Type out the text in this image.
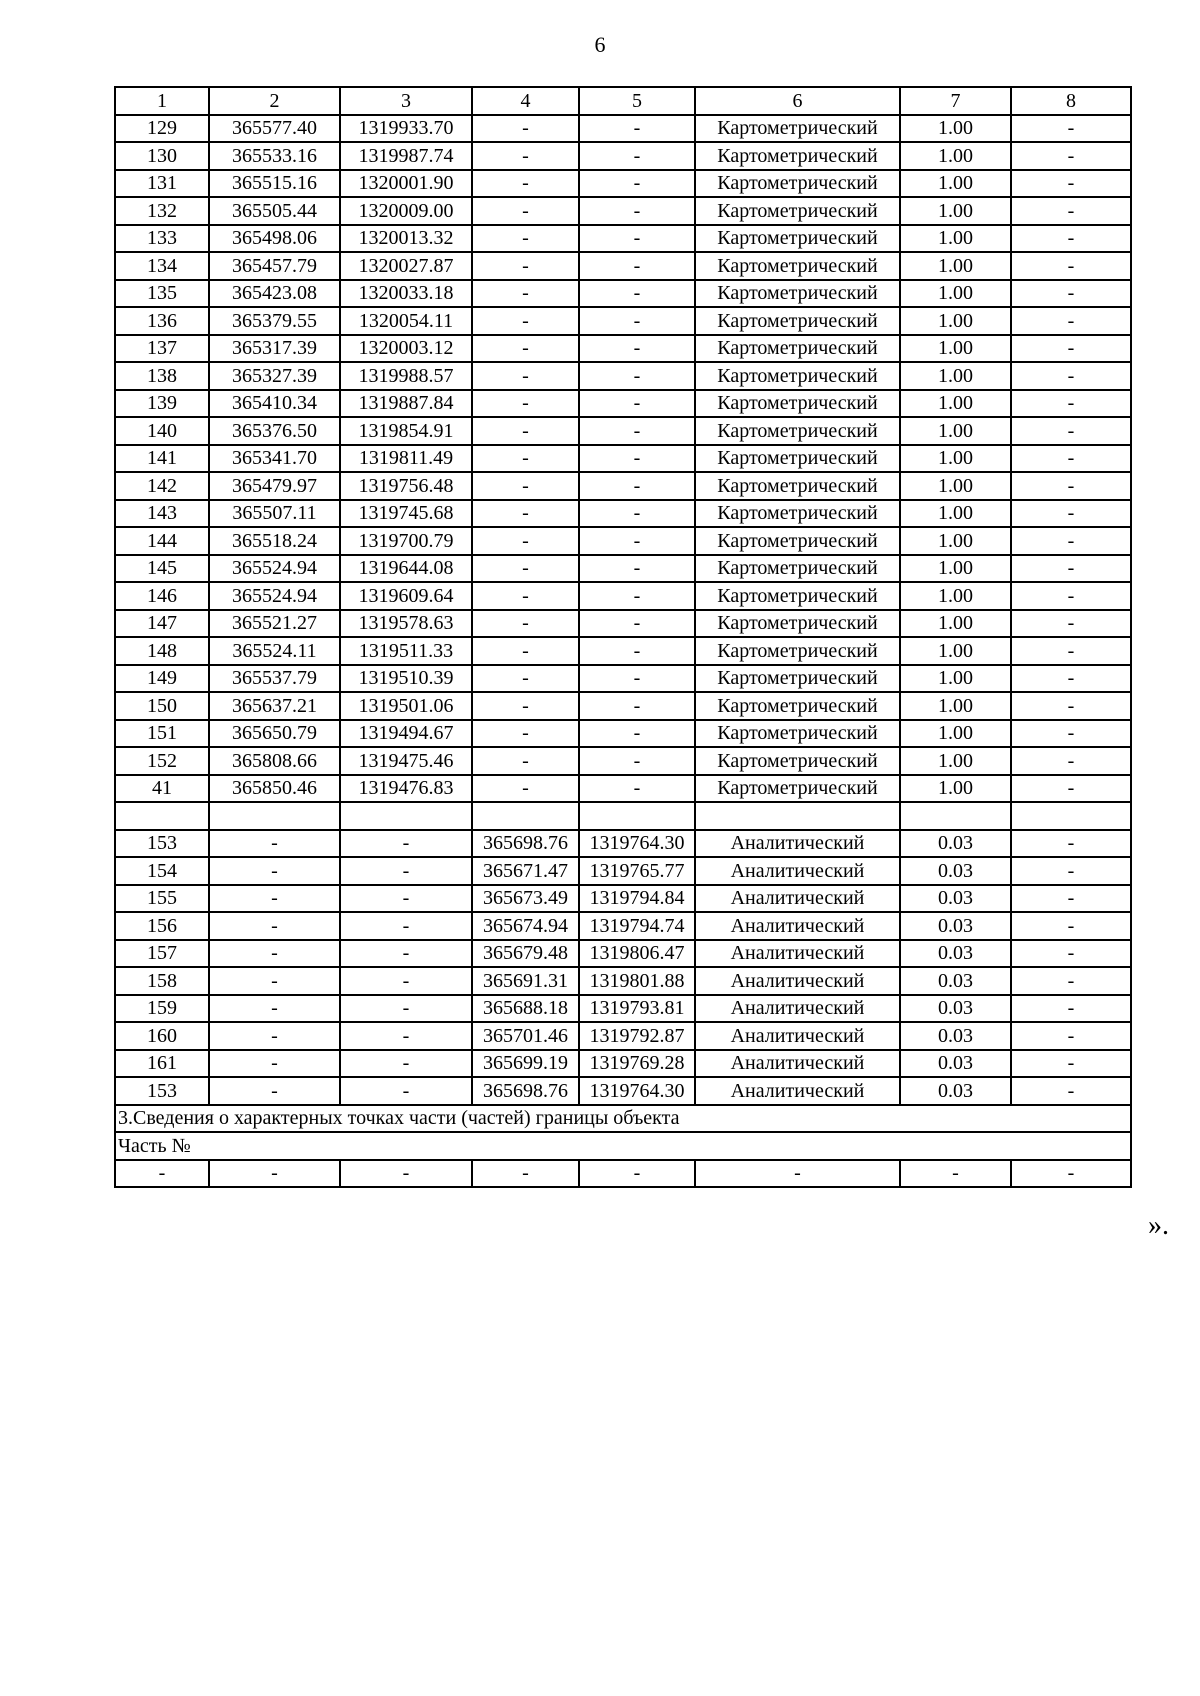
6
1	2	3	4	5	6	7	8
129	365577.40	1319933.70	-	-	Картометрический	1.00	-
130	365533.16	1319987.74	-	-	Картометрический	1.00	-
131	365515.16	1320001.90	-	-	Картометрический	1.00	-
132	365505.44	1320009.00	-	-	Картометрический	1.00	-
133	365498.06	1320013.32	-	-	Картометрический	1.00	-
134	365457.79	1320027.87	-	-	Картометрический	1.00	-
135	365423.08	1320033.18	-	-	Картометрический	1.00	-
136	365379.55	1320054.11	-	-	Картометрический	1.00	-
137	365317.39	1320003.12	-	-	Картометрический	1.00	-
138	365327.39	1319988.57	-	-	Картометрический	1.00	-
139	365410.34	1319887.84	-	-	Картометрический	1.00	-
140	365376.50	1319854.91	-	-	Картометрический	1.00	-
141	365341.70	1319811.49	-	-	Картометрический	1.00	-
142	365479.97	1319756.48	-	-	Картометрический	1.00	-
143	365507.11	1319745.68	-	-	Картометрический	1.00	-
144	365518.24	1319700.79	-	-	Картометрический	1.00	-
145	365524.94	1319644.08	-	-	Картометрический	1.00	-
146	365524.94	1319609.64	-	-	Картометрический	1.00	-
147	365521.27	1319578.63	-	-	Картометрический	1.00	-
148	365524.11	1319511.33	-	-	Картометрический	1.00	-
149	365537.79	1319510.39	-	-	Картометрический	1.00	-
150	365637.21	1319501.06	-	-	Картометрический	1.00	-
151	365650.79	1319494.67	-	-	Картометрический	1.00	-
152	365808.66	1319475.46	-	-	Картометрический	1.00	-
41	365850.46	1319476.83	-	-	Картометрический	1.00	-

153	-	-	365698.76	1319764.30	Аналитический	0.03	-
154	-	-	365671.47	1319765.77	Аналитический	0.03	-
155	-	-	365673.49	1319794.84	Аналитический	0.03	-
156	-	-	365674.94	1319794.74	Аналитический	0.03	-
157	-	-	365679.48	1319806.47	Аналитический	0.03	-
158	-	-	365691.31	1319801.88	Аналитический	0.03	-
159	-	-	365688.18	1319793.81	Аналитический	0.03	-
160	-	-	365701.46	1319792.87	Аналитический	0.03	-
161	-	-	365699.19	1319769.28	Аналитический	0.03	-
153	-	-	365698.76	1319764.30	Аналитический	0.03	-
3.Сведения о характерных точках части (частей) границы объекта							
Часть №							
-	-	-	-	-	-	-	-
».
